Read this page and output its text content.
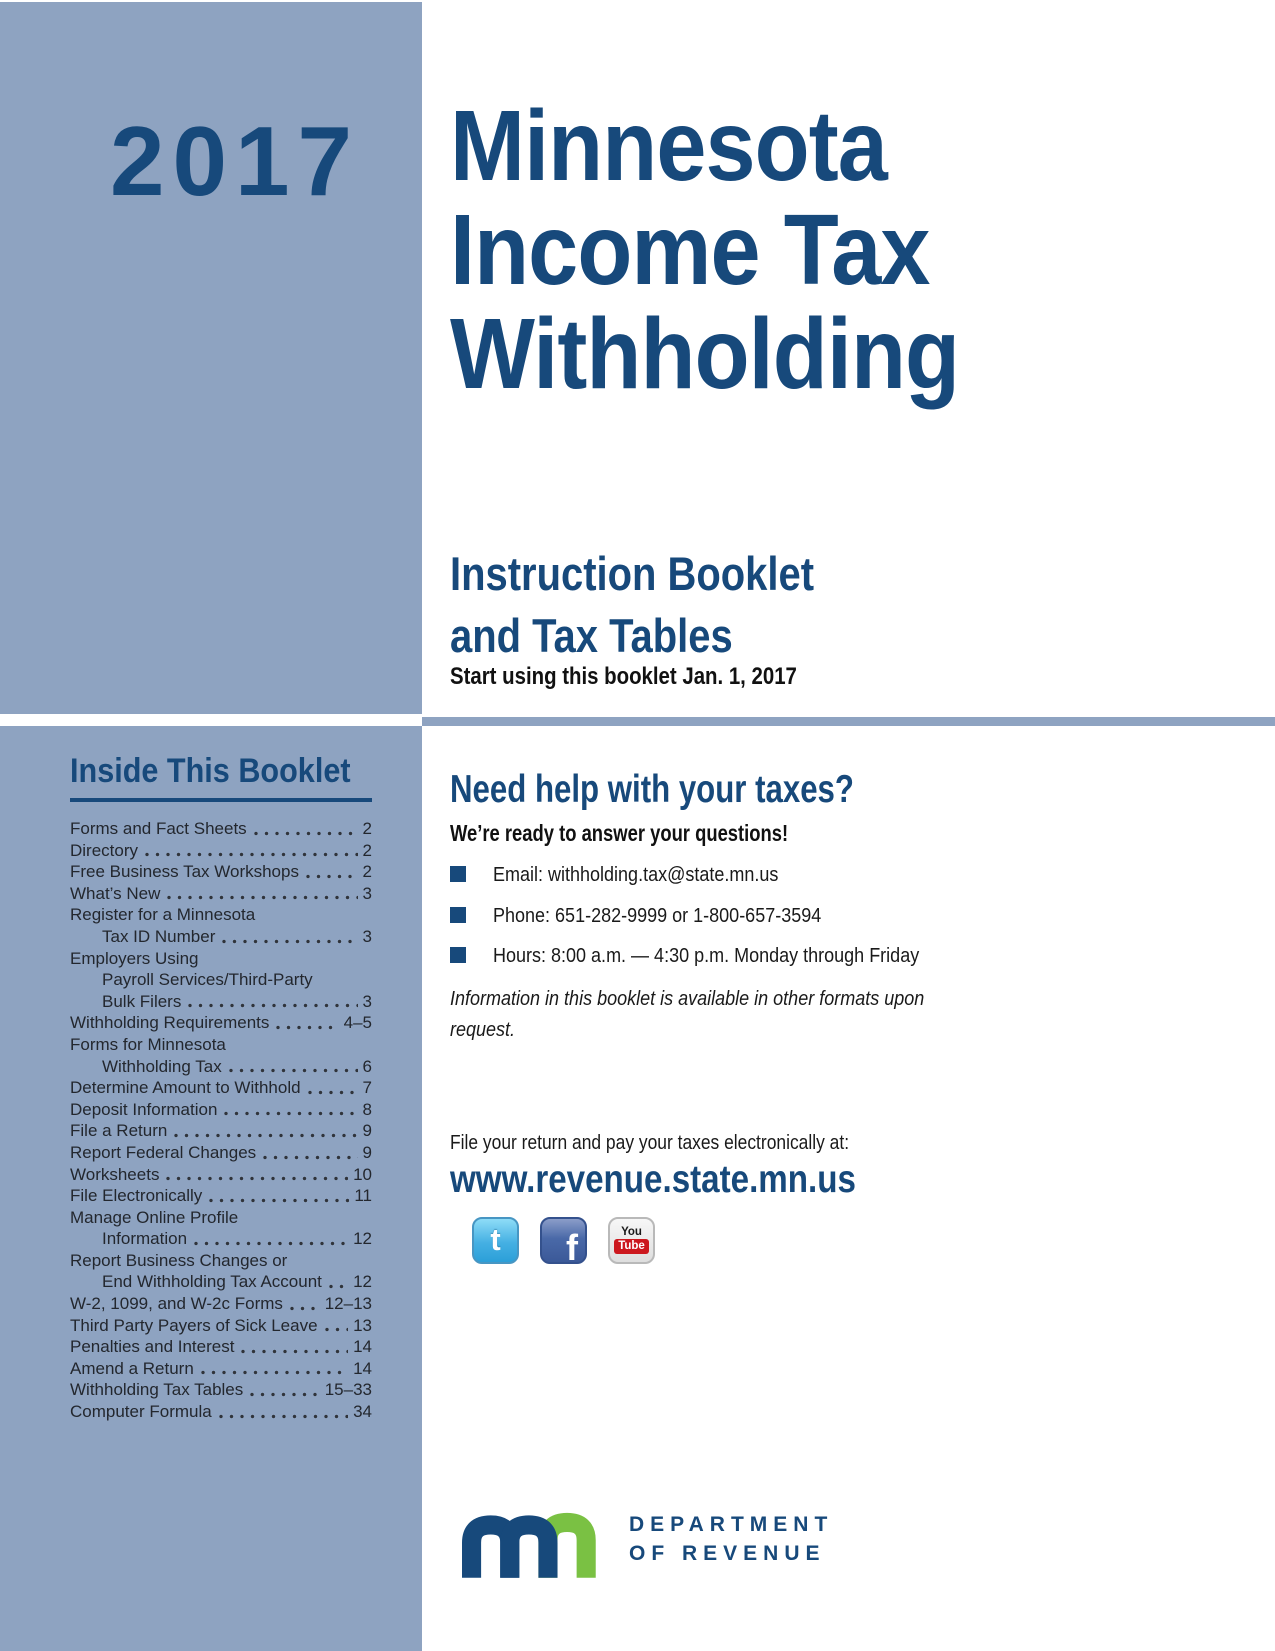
2017 Minnesota
Income Tax
Withholding
Instruction Booklet
and Tax Tables
Start using this booklet Jan. 1, 2017
Inside This Booklet
Forms and Fact Sheets	2
Directory	2
Free Business Tax Workshops	2
What’s New	3
Register for a Minnesota
Tax ID Number	3
Employers Using
Payroll Services/Third-Party
Bulk Filers	3
Withholding Requirements	4–5
Forms for Minnesota
Withholding Tax	6
Determine Amount to Withhold	7
Deposit Information	8
File a Return	9
Report Federal Changes	9
Worksheets	10
File Electronically	11
Manage Online Profile
Information	12
Report Business Changes or
End Withholding Tax Account 12
W-2, 1099, and W-2c Forms 12–13
Third Party Payers of Sick Leave 13
Penalties and Interest	14
Amend a Return	14
Withholding Tax Tables	15–33
Computer Formula	34
Need help with your taxes?
We’re ready to answer your questions!
Email: withholding.tax@state.mn.us
Phone: 651-282-9999 or 1-800-657-3594
Hours: 8:00 a.m. — 4:30 p.m. Monday through Friday
Information in this booklet is available in other formats upon request.
File your return and pay your taxes electronically at:
www.revenue.state.mn.us
t f	You
Tube
DEPARTMENT
OF REVENUE
